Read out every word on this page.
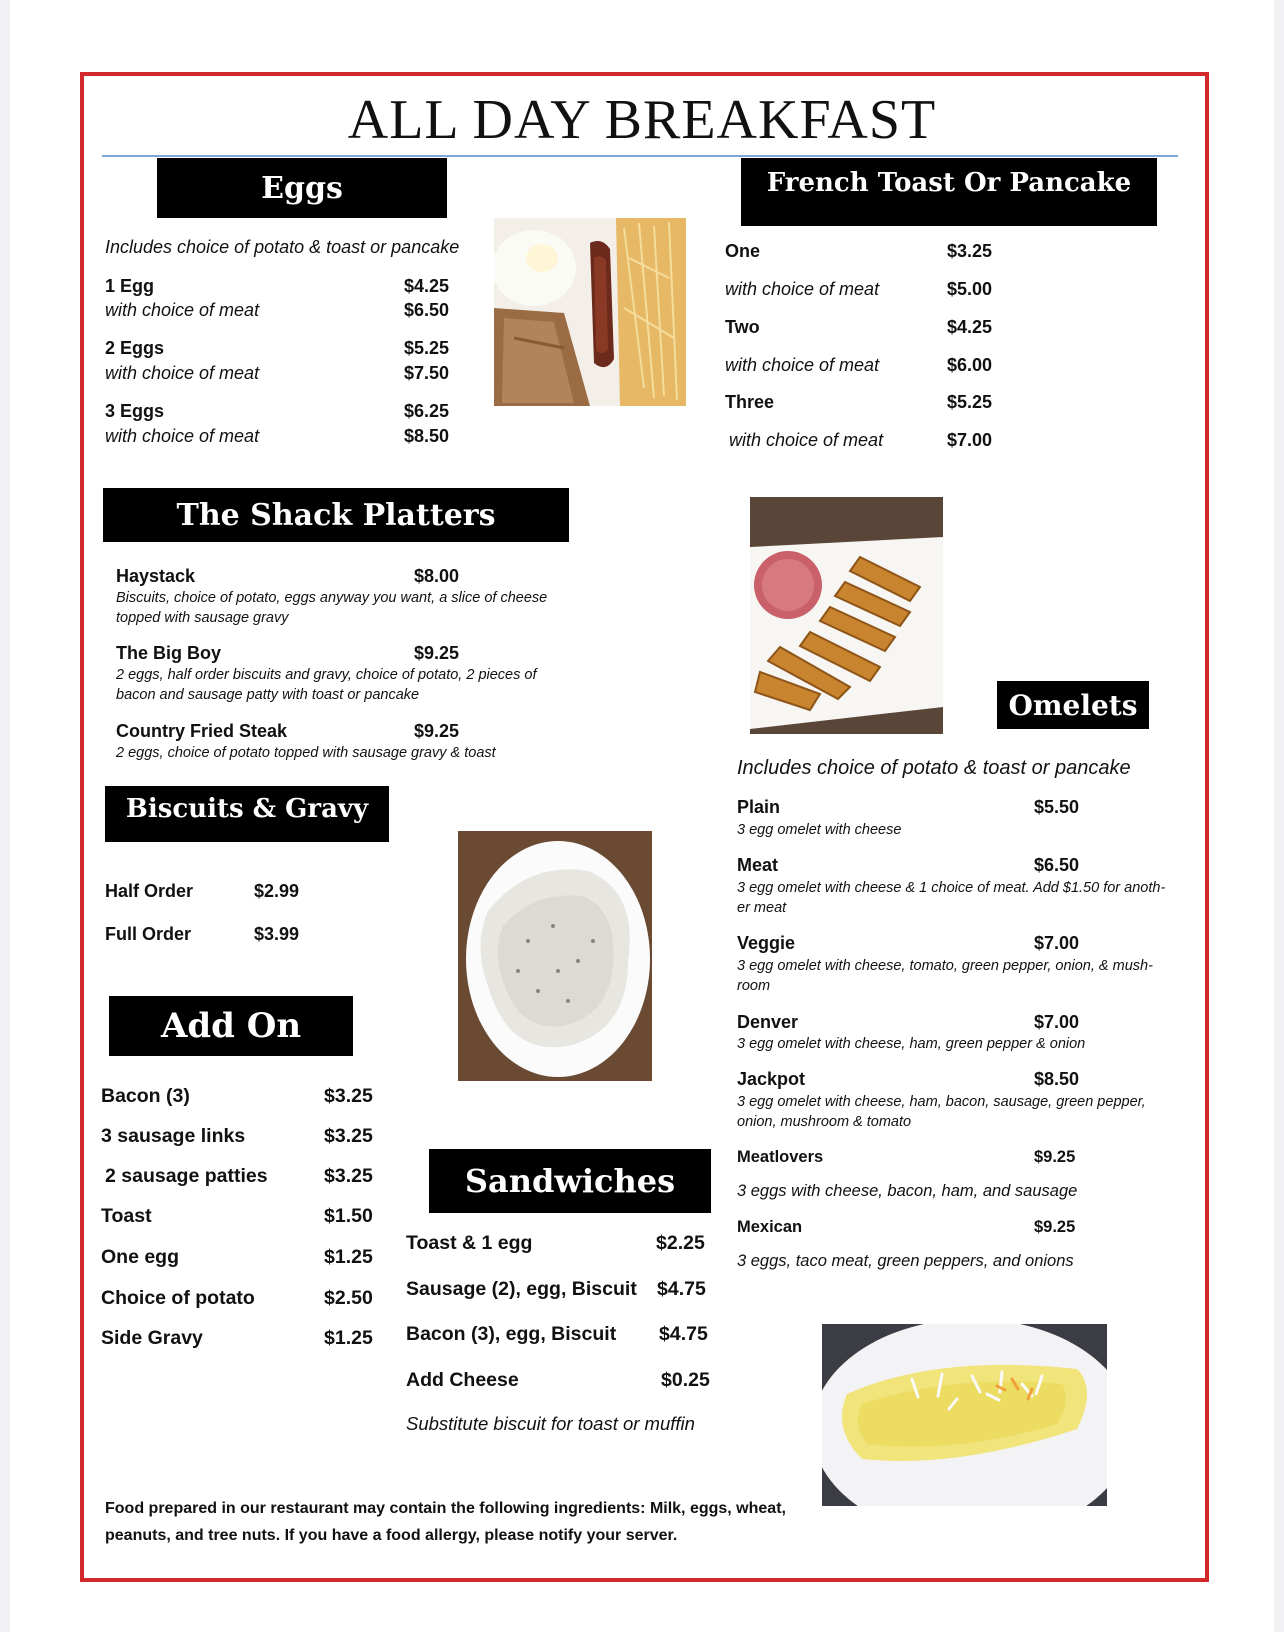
ALL DAY BREAKFAST
Eggs
Includes choice of potato & toast or pancake
1 Egg	$4.25
with choice of meat	$6.50
2 Eggs	$5.25
with choice of meat	$7.50
3 Eggs	$6.25
with choice of meat	$8.50
French Toast Or Pancake
One	$3.25
with choice of meat	$5.00
Two	$4.25
with choice of meat	$6.00
Three	$5.25
with choice of meat	$7.00
The Shack Platters
Haystack	$8.00
Biscuits, choice of potato, eggs anyway you want, a slice of cheese
topped with sausage gravy
The Big Boy	$9.25
2 eggs, half order biscuits and gravy, choice of potato, 2 pieces of
bacon and sausage patty with toast or pancake
Country Fried Steak	$9.25
2 eggs, choice of potato topped with sausage gravy & toast
Biscuits & Gravy
Half Order	$2.99
Full Order	$3.99
Add On
Bacon (3)	$3.25
3 sausage links	$3.25
2 sausage patties	$3.25
Toast	$1.50
One egg	$1.25
Choice of potato	$2.50
Side Gravy	$1.25
Sandwiches
Toast & 1 egg	$2.25
Sausage (2), egg, Biscuit $4.75
Bacon (3), egg, Biscuit $4.75
Add Cheese	$0.25
Substitute biscuit for toast or muffin
Omelets
Includes choice of potato & toast or pancake
Plain	$5.50
3 egg omelet with cheese
Meat	$6.50
3 egg omelet with cheese & 1 choice of meat. Add $1.50 for anoth-
er meat
Veggie	$7.00
3 egg omelet with cheese, tomato, green pepper, onion, & mush-
room
Denver	$7.00
3 egg omelet with cheese, ham, green pepper & onion
Jackpot	$8.50
3 egg omelet with cheese, ham, bacon, sausage, green pepper,
onion, mushroom & tomato
Meatlovers	$9.25
3 eggs with cheese, bacon, ham, and sausage
Mexican	$9.25
3 eggs, taco meat, green peppers, and onions
Food prepared in our restaurant may contain the following ingredients: Milk, eggs, wheat,
peanuts, and tree nuts. If you have a food allergy, please notify your server.
